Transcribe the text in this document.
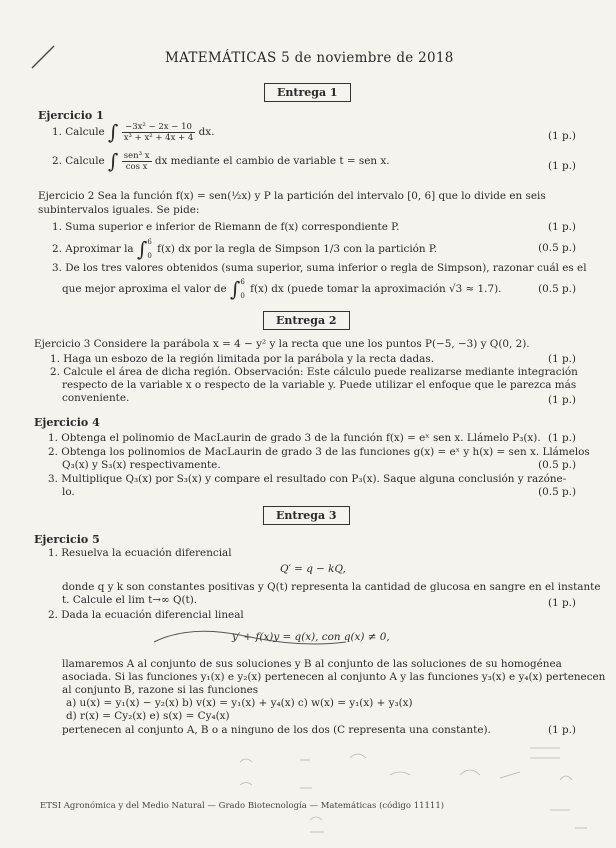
MATEMÁTICAS 5 de noviembre de 2018
Entrega 1
Ejercicio 1
1. Calcule ∫ $\frac{\text{−3x² − 2x − 10}}{\text{x³ + x² + 4x + 4}}$ dx.	(1 p.)
2. Calcule ∫ $\frac{\text{sen³ x}}{\text{cos x}}$ dx mediante el cambio de variable t = sen x.	(1 p.)
Ejercicio 2 Sea la función f(x) = sen(½x) y P la partición del intervalo [0, 6] que lo divide en seis
subintervalos iguales. Se pide:
1. Suma superior e inferior de Riemann de f(x) correspondiente P.	(1 p.)
2. Aproximar la ∫ 6
0
f(x) dx por la regla de Simpson 1/3 con la partición P.	(0.5 p.)
3. De los tres valores obtenidos (suma superior, suma inferior o regla de Simpson), razonar cuál es el
que mejor aproxima el valor de ∫ 6
0
f(x) dx (puede tomar la aproximación √3 ≈ 1.7).	(0.5 p.)
Entrega 2
Ejercicio 3 Considere la parábola x = 4 − y² y la recta que une los puntos P(−5, −3) y Q(0, 2).
1. Haga un esbozo de la región limitada por la parábola y la recta dadas.	(1 p.)
2. Calcule el área de dicha región. Observación: Este cálculo puede realizarse mediante integración
respecto de la variable x o respecto de la variable y. Puede utilizar el enfoque que le parezca más
conveniente.	(1 p.)
Ejercicio 4
1. Obtenga el polinomio de MacLaurin de grado 3 de la función f(x) = eˣ sen x. Llámelo P₃(x). (1 p.)
2. Obtenga los polinomios de MacLaurin de grado 3 de las funciones g(x) = eˣ y h(x) = sen x. Llámelos
Q₃(x) y S₃(x) respectivamente.	(0.5 p.)
3. Multiplique Q₃(x) por S₃(x) y compare el resultado con P₃(x). Saque alguna conclusión y razóne-
lo.	(0.5 p.)
Entrega 3
Ejercicio 5
1. Resuelva la ecuación diferencial
Q′ = q − kQ,
donde q y k son constantes positivas y Q(t) representa la cantidad de glucosa en sangre en el instante
t. Calcule el lim t→∞ Q(t).	(1 p.)
2. Dada la ecuación diferencial lineal
y′ + f(x)y = q(x), con q(x) ≠ 0,
llamaremos A al conjunto de sus soluciones y B al conjunto de las soluciones de su homogénea
asociada. Si las funciones y₁(x) e y₂(x) pertenecen al conjunto A y las funciones y₃(x) e y₄(x) pertenecen
al conjunto B, razone si las funciones
a) u(x) = y₁(x) − y₂(x) b) v(x) = y₁(x) + y₄(x) c) w(x) = y₁(x) + y₃(x)
d) r(x) = Cy₂(x) e) s(x) = Cy₄(x)
pertenecen al conjunto A, B o a ninguno de los dos (C representa una constante).	(1 p.)
ETSI Agronómica y del Medio Natural — Grado Biotecnología — Matemáticas (código 11111)
